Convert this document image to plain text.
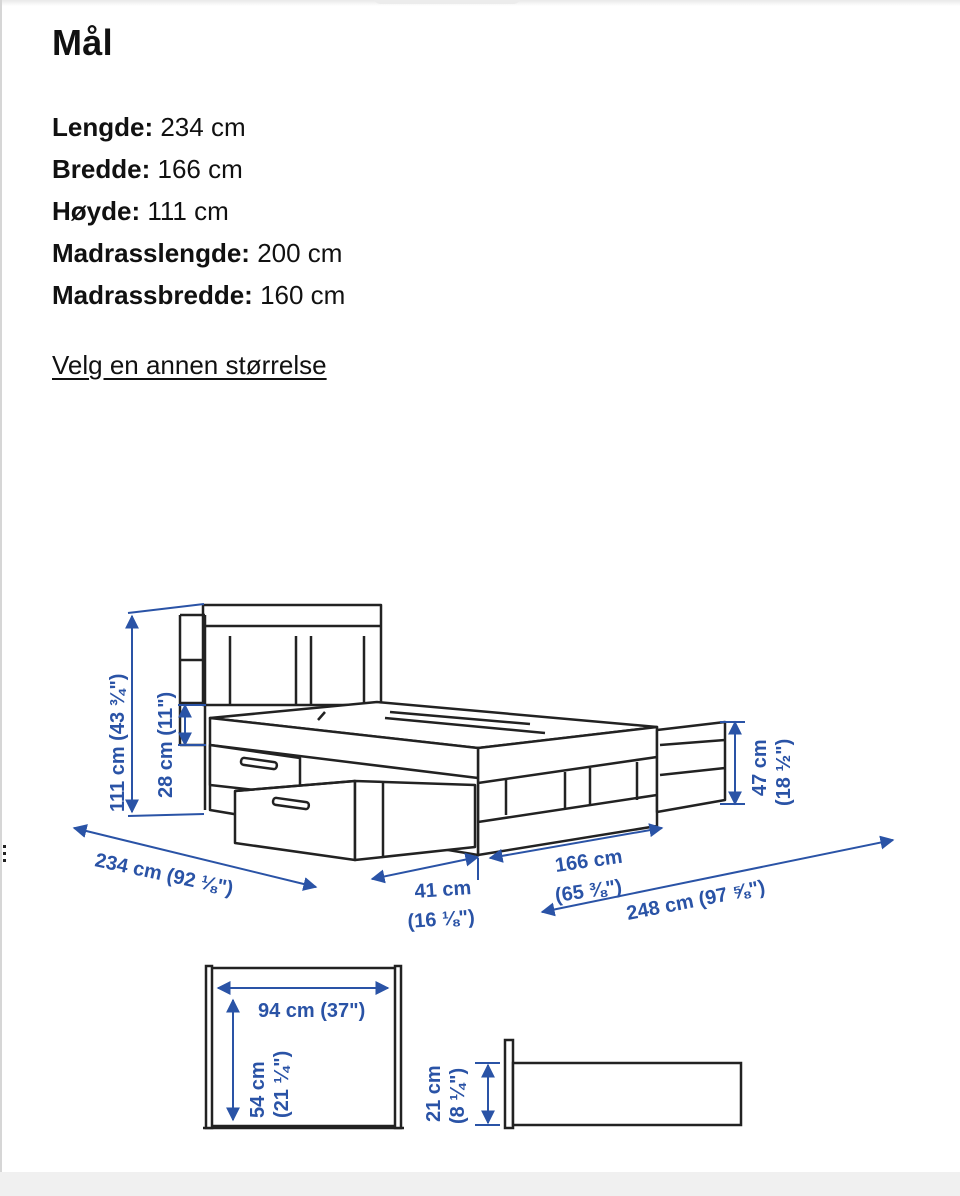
Mål
Lengde: 234 cm
Bredde: 166 cm
Høyde: 111 cm
Madrasslengde: 200 cm
Madrassbredde: 160 cm
Velg en annen størrelse
111 cm (43 ¾") 28 cm (11")
234 cm (92 ⅛")	41 cm
(16 ⅛")
166 cm
(65 ⅜") 248 cm (97 ⅝")
47 cm (18 ½")
94 cm (37")
54 cm (21 ¼")	21 cm (8 ¼")
